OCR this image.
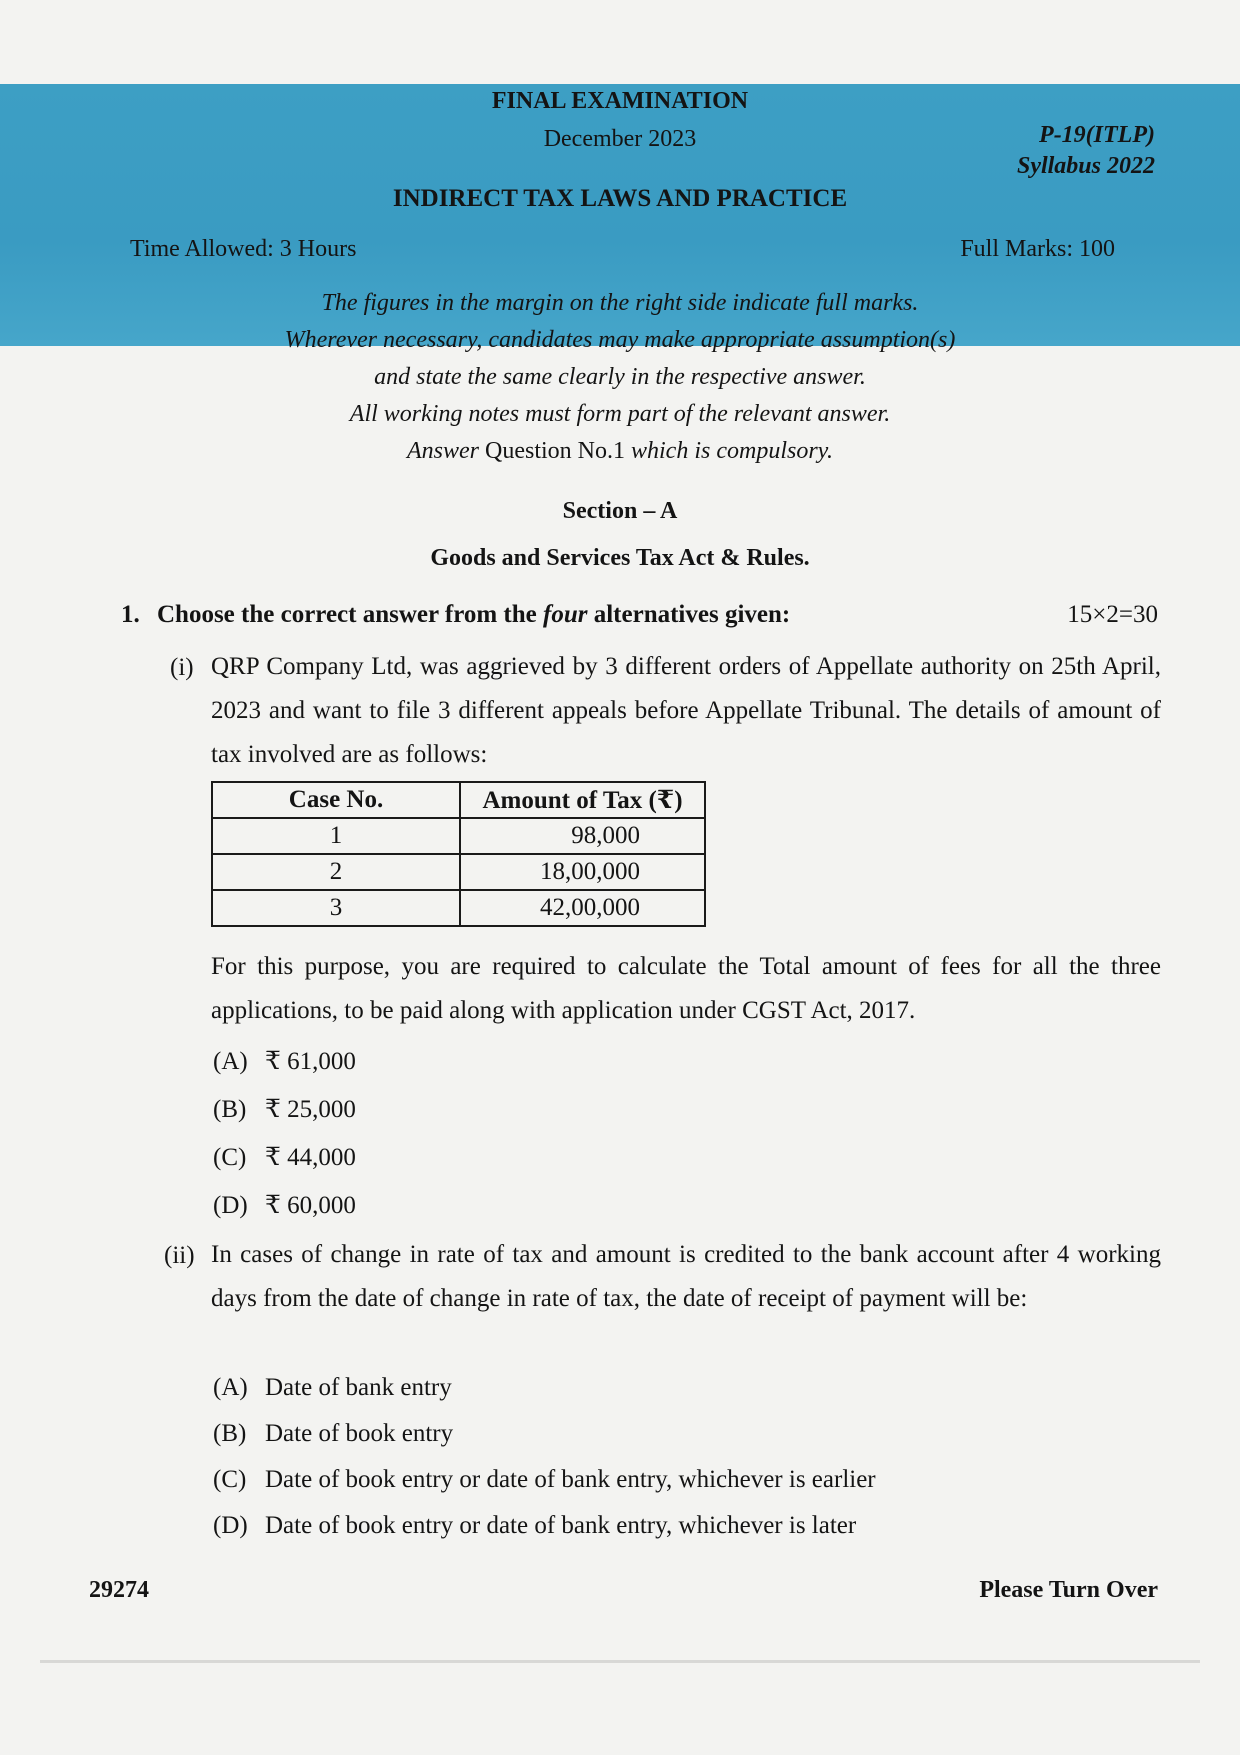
FINAL EXAMINATION
December 2023	P-19(ITLP)
Syllabus 2022
INDIRECT TAX LAWS AND PRACTICE
Time Allowed: 3 Hours	Full Marks: 100
The figures in the margin on the right side indicate full marks.
Wherever necessary, candidates may make appropriate assumption(s)
and state the same clearly in the respective answer.
All working notes must form part of the relevant answer.
Answer Question No.1 which is compulsory.
Section – A
Goods and Services Tax Act & Rules.
1. Choose the correct answer from the four alternatives given:	15×2=30
(i) QRP Company Ltd, was aggrieved by 3 different orders of Appellate authority on 25th April, 2023 and want to file 3 different appeals before Appellate Tribunal. The details of amount of tax involved are as follows:
Case No.	Amount of Tax (₹)
1	98,000
2	18,00,000
3	42,00,000
For this purpose, you are required to calculate the Total amount of fees for all the three applications, to be paid along with application under CGST Act, 2017.
(A) ₹ 61,000
(B) ₹ 25,000
(C) ₹ 44,000
(D) ₹ 60,000
(ii) In cases of change in rate of tax and amount is credited to the bank account after 4 working days from the date of change in rate of tax, the date of receipt of payment will be:
(A) Date of bank entry
(B) Date of book entry
(C) Date of book entry or date of bank entry, whichever is earlier
(D) Date of book entry or date of bank entry, whichever is later
29274	Please Turn Over
